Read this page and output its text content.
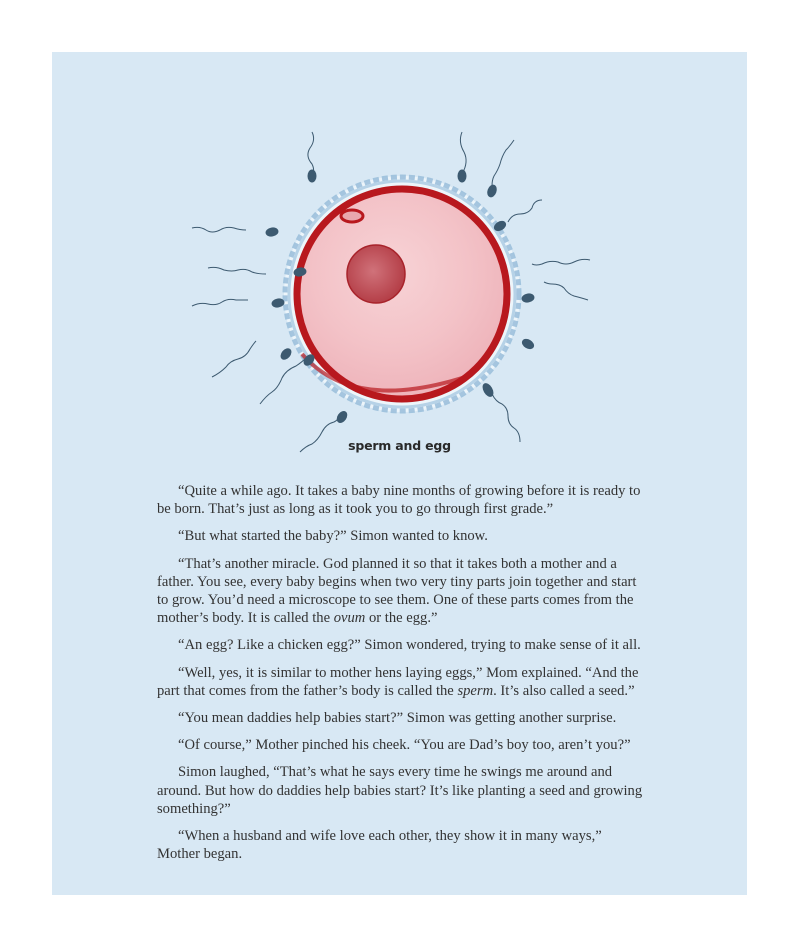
sperm and egg

“Quite a while ago. It takes a baby nine months of growing before it is ready to be born. That’s just as long as it took you to go through first grade.”

“But what started the baby?” Simon wanted to know.

“That’s another miracle. God planned it so that it takes both a mother and a father. You see, every baby begins when two very tiny parts join together and start to grow. You’d need a microscope to see them. One of these parts comes from the mother’s body. It is called the ovum or the egg.”

“An egg? Like a chicken egg?” Simon wondered, trying to make sense of it all.

“Well, yes, it is similar to mother hens laying eggs,” Mom explained. “And the part that comes from the father’s body is called the sperm. It’s also called a seed.”

“You mean daddies help babies start?” Simon was getting another surprise.

“Of course,” Mother pinched his cheek. “You are Dad’s boy too, aren’t you?”

Simon laughed, “That’s what he says every time he swings me around and around. But how do daddies help babies start? It’s like planting a seed and growing something?”

“When a husband and wife love each other, they show it in many ways,” Mother began.
